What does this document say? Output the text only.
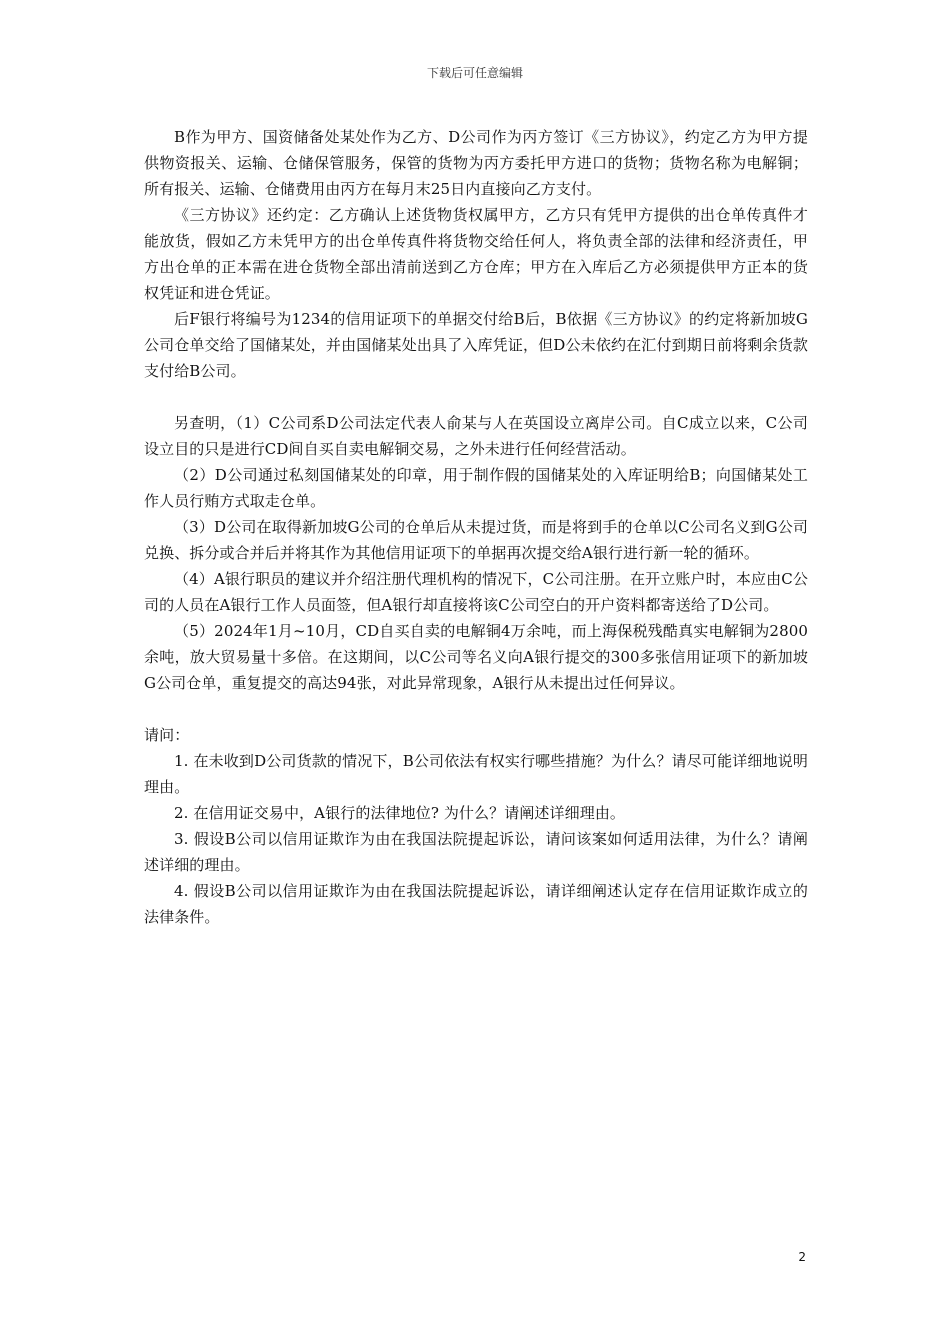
下载后可任意编辑

B作为甲方、国资储备处某处作为乙方、D公司作为丙方签订《三方协议》，约定乙方为甲方提供物资报关、运输、仓储保管服务，保管的货物为丙方委托甲方进口的货物；货物名称为电解铜；所有报关、运输、仓储费用由丙方在每月末25日内直接向乙方支付。

《三方协议》还约定：乙方确认上述货物货权属甲方，乙方只有凭甲方提供的出仓单传真件才能放货，假如乙方未凭甲方的出仓单传真件将货物交给任何人，将负责全部的法律和经济责任，甲方出仓单的正本需在进仓货物全部出清前送到乙方仓库；甲方在入库后乙方必须提供甲方正本的货权凭证和进仓凭证。

后F银行将编号为1234的信用证项下的单据交付给B后，B依据《三方协议》的约定将新加坡G公司仓单交给了国储某处，并由国储某处出具了入库凭证，但D公未依约在汇付到期日前将剩余货款支付给B公司。

另查明，（1）C公司系D公司法定代表人俞某与人在英国设立离岸公司。自C成立以来，C公司设立目的只是进行CD间自买自卖电解铜交易，之外未进行任何经营活动。

（2）D公司通过私刻国储某处的印章，用于制作假的国储某处的入库证明给B；向国储某处工作人员行贿方式取走仓单。

（3）D公司在取得新加坡G公司的仓单后从未提过货，而是将到手的仓单以C公司名义到G公司兑换、拆分或合并后并将其作为其他信用证项下的单据再次提交给A银行进行新一轮的循环。

（4）A银行职员的建议并介绍注册代理机构的情况下，C公司注册。在开立账户时，本应由C公司的人员在A银行工作人员面签，但A银行却直接将该C公司空白的开户资料都寄送给了D公司。

（5）2024年1月~10月，CD自买自卖的电解铜4万余吨，而上海保税残酷真实电解铜为2800余吨，放大贸易量十多倍。在这期间，以C公司等名义向A银行提交的300多张信用证项下的新加坡G公司仓单，重复提交的高达94张，对此异常现象，A银行从未提出过任何异议。

请问：

1. 在未收到D公司货款的情况下，B公司依法有权实行哪些措施？为什么？请尽可能详细地说明理由。

2. 在信用证交易中，A银行的法律地位? 为什么？请阐述详细理由。

3. 假设B公司以信用证欺诈为由在我国法院提起诉讼，请问该案如何适用法律，为什么？请阐述详细的理由。

4. 假设B公司以信用证欺诈为由在我国法院提起诉讼，请详细阐述认定存在信用证欺诈成立的法律条件。

2
